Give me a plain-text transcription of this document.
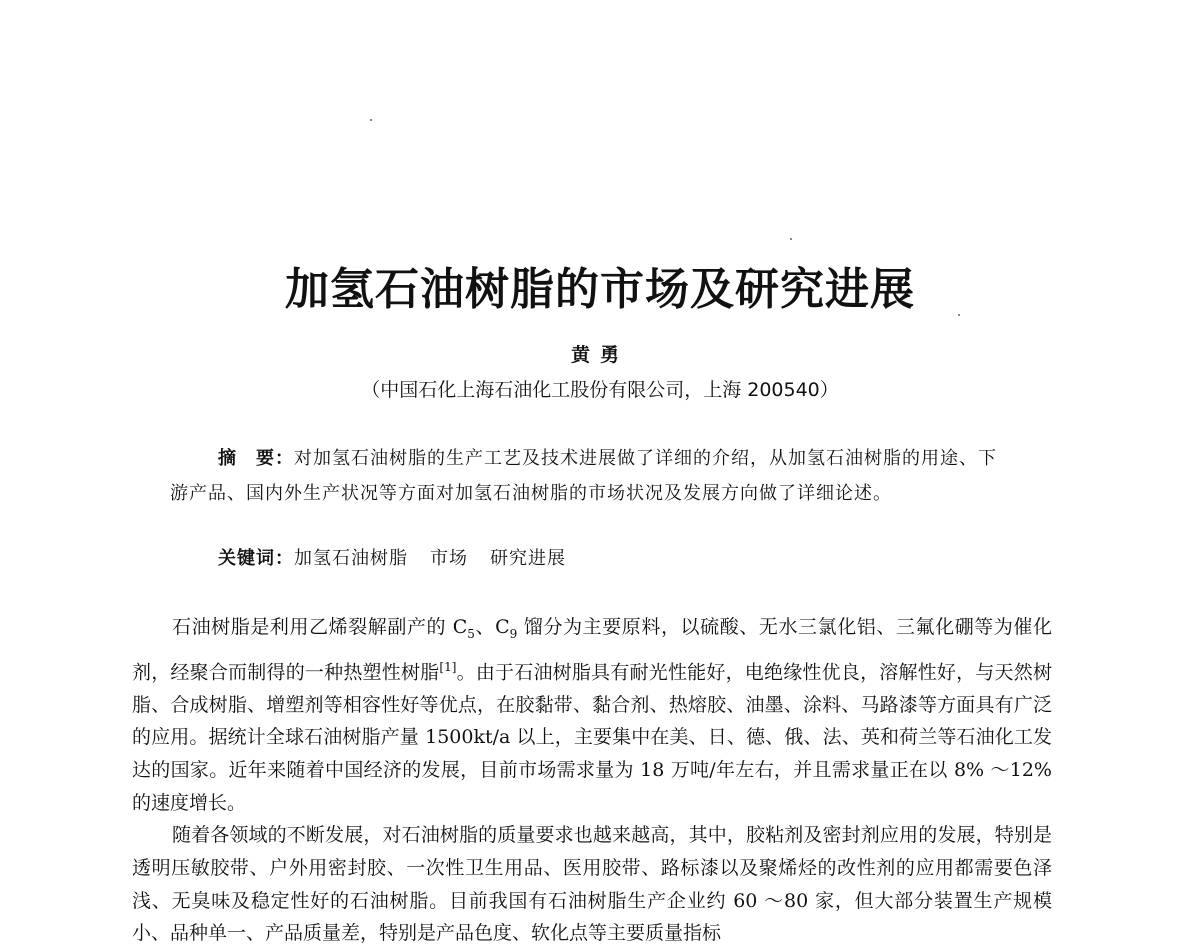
加氢石油树脂的市场及研究进展
黄勇
（中国石化上海石油化工股份有限公司，上海 200540）
摘　要：对加氢石油树脂的生产工艺及技术进展做了详细的介绍，从加氢石油树脂的用途、下游产品、国内外生产状况等方面对加氢石油树脂的市场状况及发展方向做了详细论述。
关键词：加氢石油树脂 市场 研究进展

石油树脂是利用乙烯裂解副产的 $C_5$、$C_9$ 馏分为主要原料，以硫酸、无水三氯化铝、三氟化硼等为催化剂，经聚合而制得的一种热塑性树脂[1]。由于石油树脂具有耐光性能好，电绝缘性优良，溶解性好，与天然树脂、合成树脂、增塑剂等相容性好等优点，在胶黏带、黏合剂、热熔胶、油墨、涂料、马路漆等方面具有广泛的应用。据统计全球石油树脂产量 1500kt/a 以上，主要集中在美、日、德、俄、法、英和荷兰等石油化工发达的国家。近年来随着中国经济的发展，目前市场需求量为 18 万吨/年左右，并且需求量正在以 8% ～12% 的速度增长。

随着各领域的不断发展，对石油树脂的质量要求也越来越高，其中，胶粘剂及密封剂应用的发展，特别是透明压敏胶带、户外用密封胶、一次性卫生用品、医用胶带、路标漆以及聚烯烃的改性剂的应用都需要色泽浅、无臭味及稳定性好的石油树脂。目前我国有石油树脂生产企业约 60 ～80 家，但大部分装置生产规模小、品种单一、产品质量差，特别是产品色度、软化点等主要质量指标
